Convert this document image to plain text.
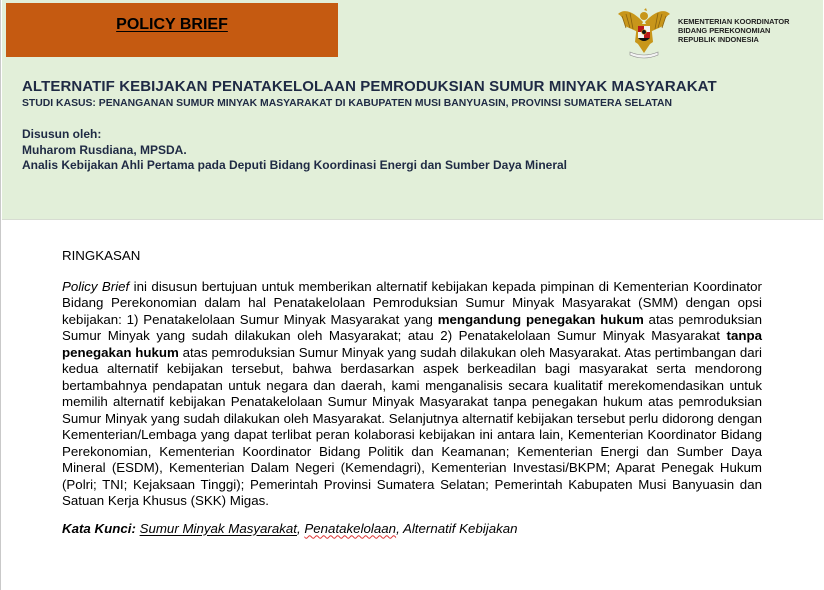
POLICY BRIEF	KEMENTERIAN KOORDINATOR
BIDANG PEREKONOMIAN
REPUBLIK INDONESIA
ALTERNATIF KEBIJAKAN PENATAKELOLAAN PEMRODUKSIAN SUMUR MINYAK MASYARAKAT
STUDI KASUS: PENANGANAN SUMUR MINYAK MASYARAKAT DI KABUPATEN MUSI BANYUASIN, PROVINSI SUMATERA SELATAN
Disusun oleh:
Muharom Rusdiana, MPSDA.
Analis Kebijakan Ahli Pertama pada Deputi Bidang Koordinasi Energi dan Sumber Daya Mineral
RINGKASAN

Policy Brief ini disusun bertujuan untuk memberikan alternatif kebijakan kepada pimpinan di Kementerian Koordinator Bidang Perekonomian dalam hal Penatakelolaan Pemroduksian Sumur Minyak Masyarakat (SMM) dengan opsi kebijakan: 1) Penatakelolaan Sumur Minyak Masyarakat yang mengandung penegakan hukum atas pemroduksian Sumur Minyak yang sudah dilakukan oleh Masyarakat; atau 2) Penatakelolaan Sumur Minyak Masyarakat tanpa penegakan hukum atas pemroduksian Sumur Minyak yang sudah dilakukan oleh Masyarakat. Atas pertimbangan dari kedua alternatif kebijakan tersebut, bahwa berdasarkan aspek berkeadilan bagi masyarakat serta mendorong bertambahnya pendapatan untuk negara dan daerah, kami menganalisis secara kualitatif merekomendasikan untuk memilih alternatif kebijakan Penatakelolaan Sumur Minyak Masyarakat tanpa penegakan hukum atas pemroduksian Sumur Minyak yang sudah dilakukan oleh Masyarakat. Selanjutnya alternatif kebijakan tersebut perlu didorong dengan Kementerian/Lembaga yang dapat terlibat peran kolaborasi kebijakan ini antara lain, Kementerian Koordinator Bidang Perekonomian, Kementerian Koordinator Bidang Politik dan Keamanan; Kementerian Energi dan Sumber Daya Mineral (ESDM), Kementerian Dalam Negeri (Kemendagri), Kementerian Investasi/BKPM; Aparat Penegak Hukum (Polri; TNI; Kejaksaan Tinggi); Pemerintah Provinsi Sumatera Selatan; Pemerintah Kabupaten Musi Banyuasin dan Satuan Kerja Khusus (SKK) Migas.

Kata Kunci: Sumur Minyak Masyarakat, Penatakelolaan, Alternatif Kebijakan
